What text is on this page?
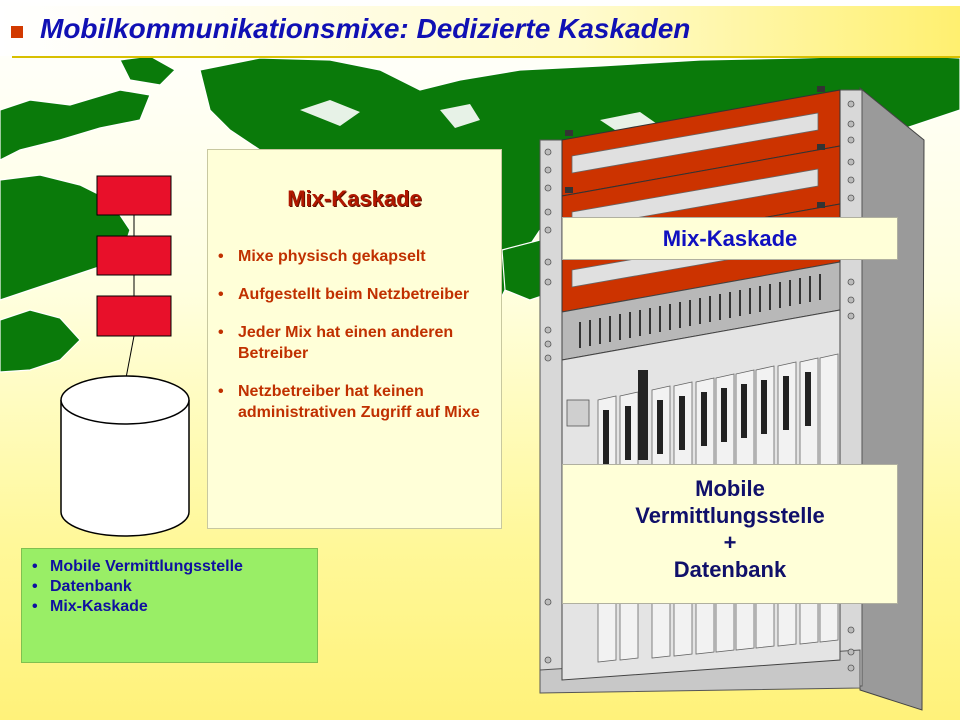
Mobilkommunikationsmixe: Dedizierte Kaskaden
Mix-Kaskade
• Mixe physisch gekapselt
• Aufgestellt beim Netzbetreiber
• Jeder Mix hat einen anderen Betreiber
• Netzbetreiber hat keinen administrativen Zugriff auf Mixe
• Mobile Vermittlungsstelle
• Datenbank
• Mix-Kaskade
Mix-Kaskade
Mobile
Vermittlungsstelle
+
Datenbank
